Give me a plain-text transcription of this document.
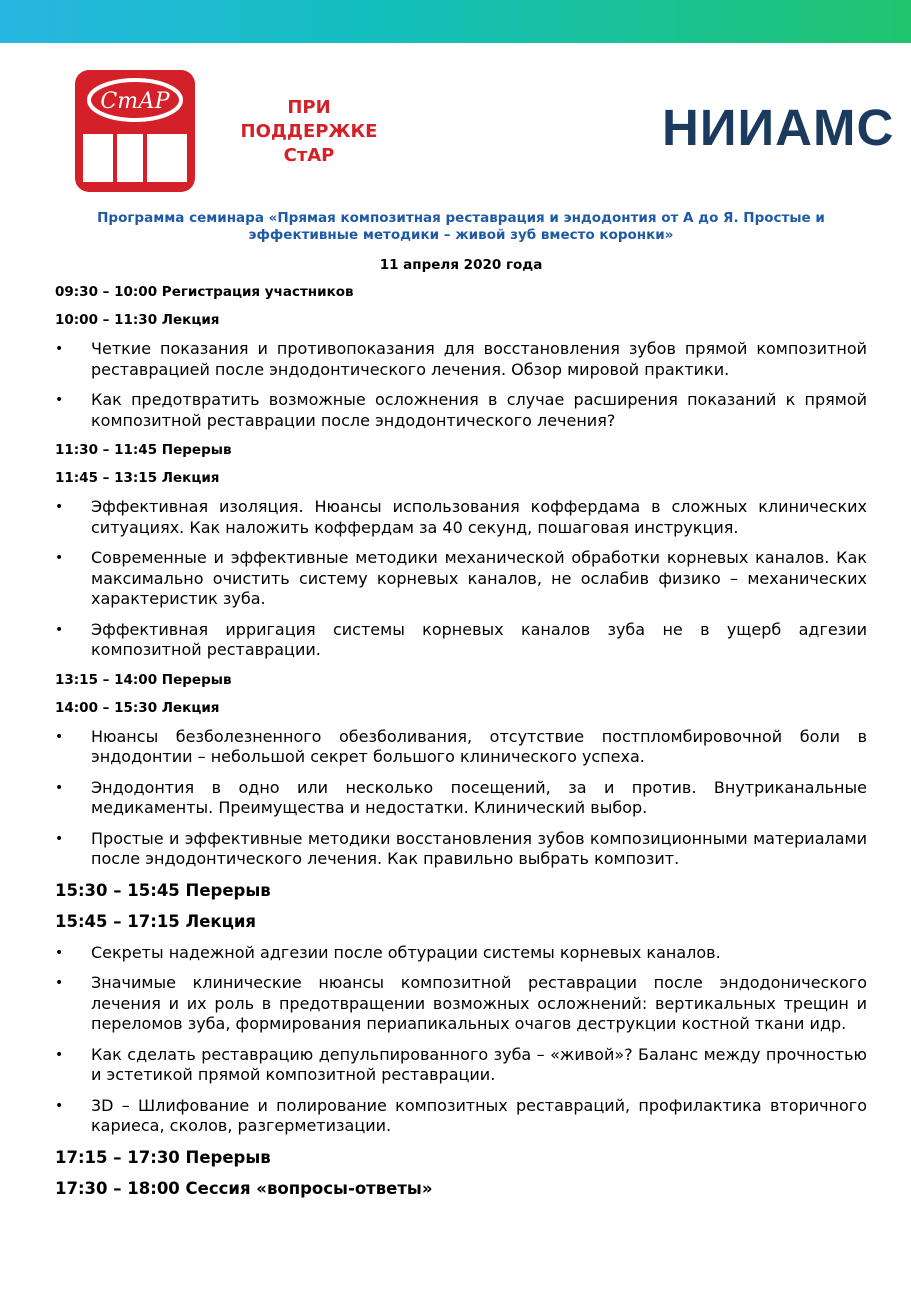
СтАР	ПРИ
ПОДДЕРЖКЕ
СтАР	НИИАМС
Программа семинара «Прямая композитная реставрация и эндодонтия от А до Я. Простые и эффективные методики – живой зуб вместо коронки»
11 апреля 2020 года

09:30 – 10:00 Регистрация участников

10:00 – 11:30 Лекция

• Четкие показания и противопоказания для восстановления зубов прямой композитной реставрацией после эндодонтического лечения. Обзор мировой практики.
• Как предотвратить возможные осложнения в случае расширения показаний к прямой композитной реставрации после эндодонтического лечения?

11:30 – 11:45 Перерыв

11:45 – 13:15 Лекция

• Эффективная изоляция. Нюансы использования коффердама в сложных клинических ситуациях. Как наложить коффердам за 40 секунд, пошаговая инструкция.
• Современные и эффективные методики механической обработки корневых каналов. Как максимально очистить систему корневых каналов, не ослабив физико – механических характеристик зуба.
• Эффективная ирригация системы корневых каналов зуба не в ущерб адгезии композитной реставрации.

13:15 – 14:00 Перерыв

14:00 – 15:30 Лекция

• Нюансы безболезненного обезболивания, отсутствие постпломбировочной боли в эндодонтии – небольшой секрет большого клинического успеха.
• Эндодонтия в одно или несколько посещений, за и против. Внутриканальные медикаменты. Преимущества и недостатки. Клинический выбор.
• Простые и эффективные методики восстановления зубов композиционными материалами после эндодонтического лечения. Как правильно выбрать композит.

15:30 – 15:45 Перерыв

15:45 – 17:15 Лекция

• Секреты надежной адгезии после обтурации системы корневых каналов.
• Значимые клинические нюансы композитной реставрации после эндодонического лечения и их роль в предотвращении возможных осложнений: вертикальных трещин и переломов зуба, формирования периапикальных очагов деструкции костной ткани идр.
• Как сделать реставрацию депульпированного зуба – «живой»? Баланс между прочностью и эстетикой прямой композитной реставрации.
• 3D – Шлифование и полирование композитных реставраций, профилактика вторичного кариеса, сколов, разгерметизации.

17:15 – 17:30 Перерыв

17:30 – 18:00 Сессия «вопросы-ответы»
